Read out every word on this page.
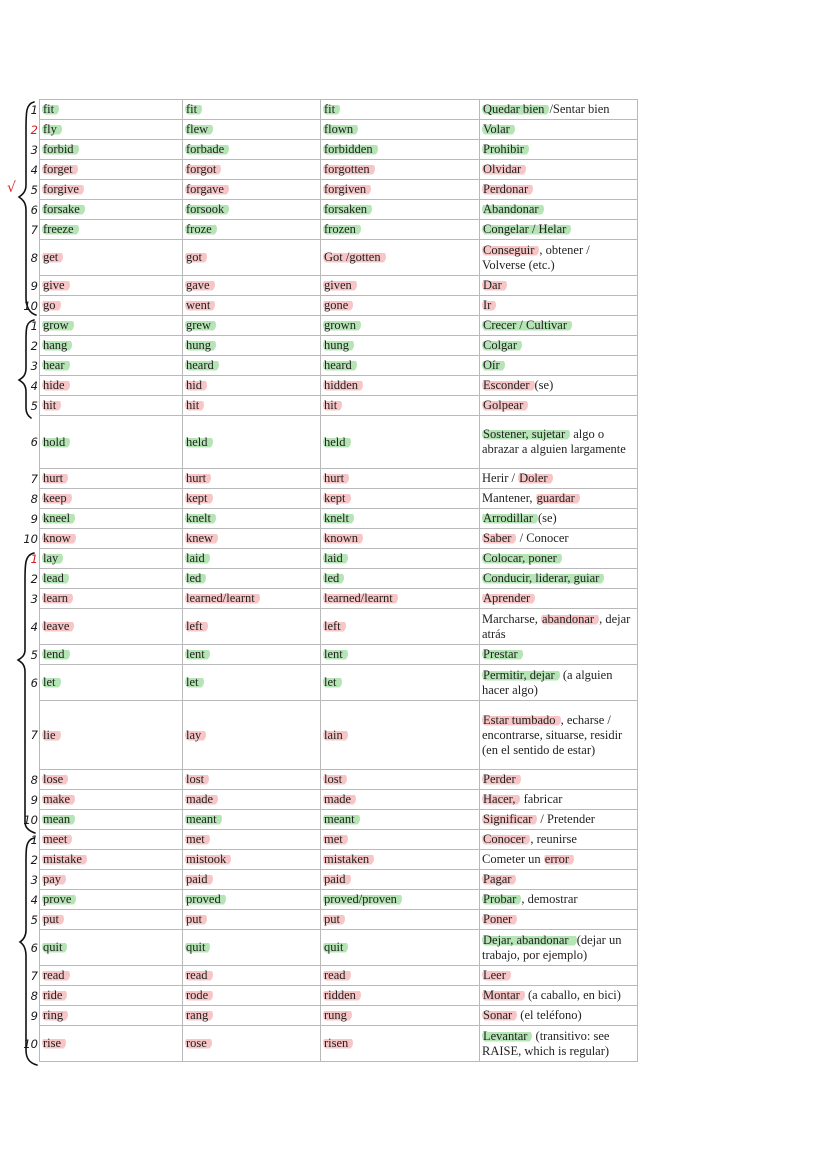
fit	fit	fit	Quedar bien /Sentar bien
fly	flew	flown	Volar
forbid	forbade	forbidden	Prohibir
forget	forgot	forgotten	Olvidar
forgive	forgave	forgiven	Perdonar
forsake	forsook	forsaken	Abandonar
freeze	froze	frozen	Congelar / Helar
get	got	Got /gotten	Conseguir , obtener / Volverse (etc.)
give	gave	given	Dar
go	went	gone	Ir
grow	grew	grown	Crecer / Cultivar
hang	hung	hung	Colgar
hear	heard	heard	Oír
hide	hid	hidden	Esconder (se)
hit	hit	hit	Golpear
hold	held	held	Sostener, sujetar algo o abrazar a alguien largamente
hurt	hurt	hurt	Herir / Doler
keep	kept	kept	Mantener, guardar
kneel	knelt	knelt	Arrodillar (se)
know	knew	known	Saber / Conocer
lay	laid	laid	Colocar, poner
lead	led	led	Conducir, liderar, guiar
learn	learned/learnt	learned/learnt	Aprender
leave	left	left	Marcharse, abandonar , dejar atrás
lend	lent	lent	Prestar
let	let	let	Permitir, dejar (a alguien hacer algo)
lie	lay	lain	Estar tumbado , echarse / encontrarse, situarse, residir (en el sentido de estar)
lose	lost	lost	Perder
make	made	made	Hacer, fabricar
mean	meant	meant	Significar / Pretender
meet	met	met	Conocer , reunirse
mistake	mistook	mistaken	Cometer un error
pay	paid	paid	Pagar
prove	proved	proved/proven	Probar , demostrar
put	put	put	Poner
quit	quit	quit	Dejar, abandonar (dejar un trabajo, por ejemplo)
read	read	read	Leer
ride	rode	ridden	Montar (a caballo, en bici)
ring	rang	rung	Sonar (el teléfono)
rise	rose	risen	Levantar (transitivo: see RAISE, which is regular)
1
2
3
4
5
6
7
8
9
10
1
2
3
4
5
6
7
8
9
10
1
2
3
4
5
6
7
8
9
10
1
2
3
4
5
6
7
8
9
10
√
